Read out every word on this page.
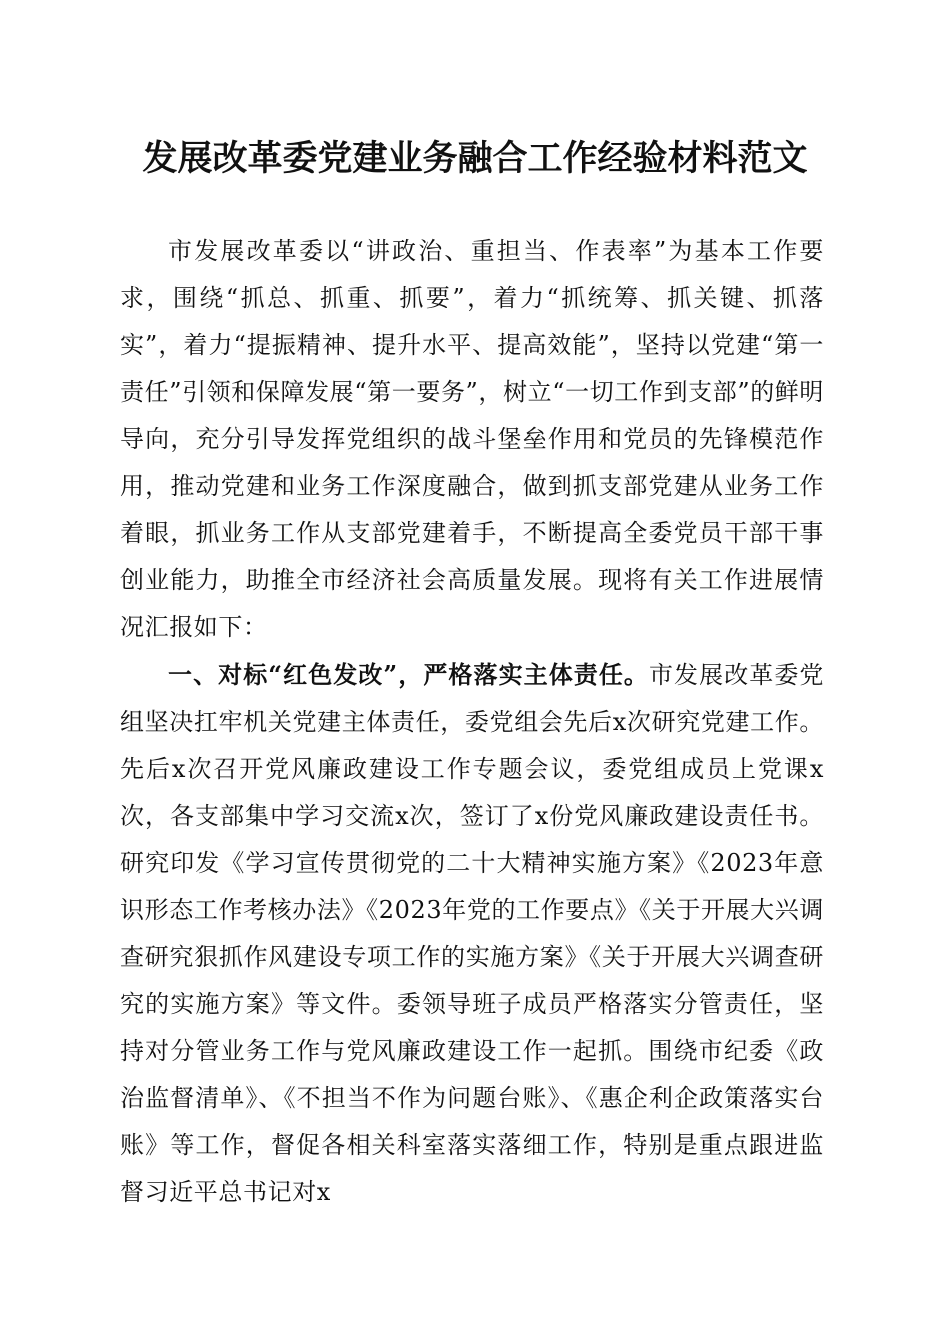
发展改革委党建业务融合工作经验材料范文

市发展改革委以“讲政治、重担当、作表率”为基本工作要求，围绕“抓总、抓重、抓要”，着力“抓统筹、抓关键、抓落实”，着力“提振精神、提升水平、提高效能”，坚持以党建“第一责任”引领和保障发展“第一要务”，树立“一切工作到支部”的鲜明导向，充分引导发挥党组织的战斗堡垒作用和党员的先锋模范作用，推动党建和业务工作深度融合，做到抓支部党建从业务工作着眼，抓业务工作从支部党建着手，不断提高全委党员干部干事创业能力，助推全市经济社会高质量发展。现将有关工作进展情况汇报如下：

一、对标“红色发改”，严格落实主体责任。市发展改革委党组坚决扛牢机关党建主体责任，委党组会先后x次研究党建工作。先后x次召开党风廉政建设工作专题会议，委党组成员上党课x次，各支部集中学习交流x次，签订了x份党风廉政建设责任书。研究印发《学习宣传贯彻党的二十大精神实施方案》《2023年意识形态工作考核办法》《2023年党的工作要点》《关于开展大兴调查研究狠抓作风建设专项工作的实施方案》《关于开展大兴调查研究的实施方案》等文件。委领导班子成员严格落实分管责任，坚持对分管业务工作与党风廉政建设工作一起抓。围绕市纪委《政治监督清单》、《不担当不作为问题台账》、《惠企利企政策落实台账》等工作，督促各相关科室落实落细工作，特别是重点跟进监督习近平总书记对x
